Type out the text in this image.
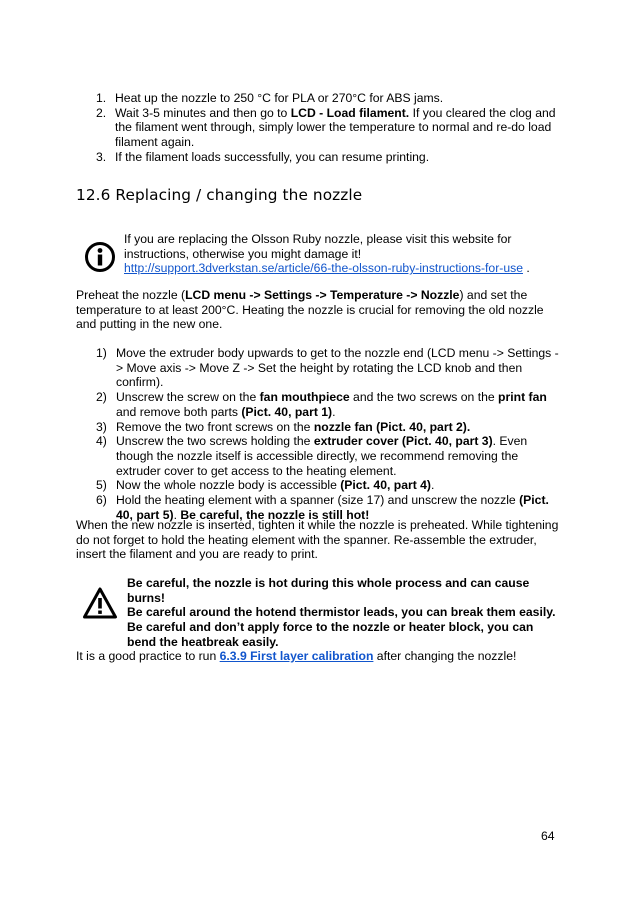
1. Heat up the nozzle to 250 °C for PLA or 270°C for ABS jams.
2. Wait 3-5 minutes and then go to LCD - Load filament. If you cleared the clog and the filament went through, simply lower the temperature to normal and re-do load filament again.
3. If the filament loads successfully, you can resume printing.
12.6 Replacing / changing the nozzle
If you are replacing the Olsson Ruby nozzle, please visit this website for instructions, otherwise you might damage it!
http://support.3dverkstan.se/article/66-the-olsson-ruby-instructions-for-use .
Preheat the nozzle (LCD menu -> Settings -> Temperature -> Nozzle) and set the temperature to at least 200°C. Heating the nozzle is crucial for removing the old nozzle and putting in the new one.
1) Move the extruder body upwards to get to the nozzle end (LCD menu -> Settings -> Move axis -> Move Z -> Set the height by rotating the LCD knob and then confirm).
2) Unscrew the screw on the fan mouthpiece and the two screws on the print fan and remove both parts (Pict. 40, part 1).
3) Remove the two front screws on the nozzle fan (Pict. 40, part 2).
4) Unscrew the two screws holding the extruder cover (Pict. 40, part 3). Even though the nozzle itself is accessible directly, we recommend removing the extruder cover to get access to the heating element.
5) Now the whole nozzle body is accessible (Pict. 40, part 4).
6) Hold the heating element with a spanner (size 17) and unscrew the nozzle (Pict. 40, part 5). Be careful, the nozzle is still hot!
When the new nozzle is inserted, tighten it while the nozzle is preheated. While tightening do not forget to hold the heating element with the spanner. Re-assemble the extruder, insert the filament and you are ready to print.
Be careful, the nozzle is hot during this whole process and can cause burns!
Be careful around the hotend thermistor leads, you can break them easily.
Be careful and don’t apply force to the nozzle or heater block, you can bend the heatbreak easily.
It is a good practice to run 6.3.9 First layer calibration after changing the nozzle!
64
